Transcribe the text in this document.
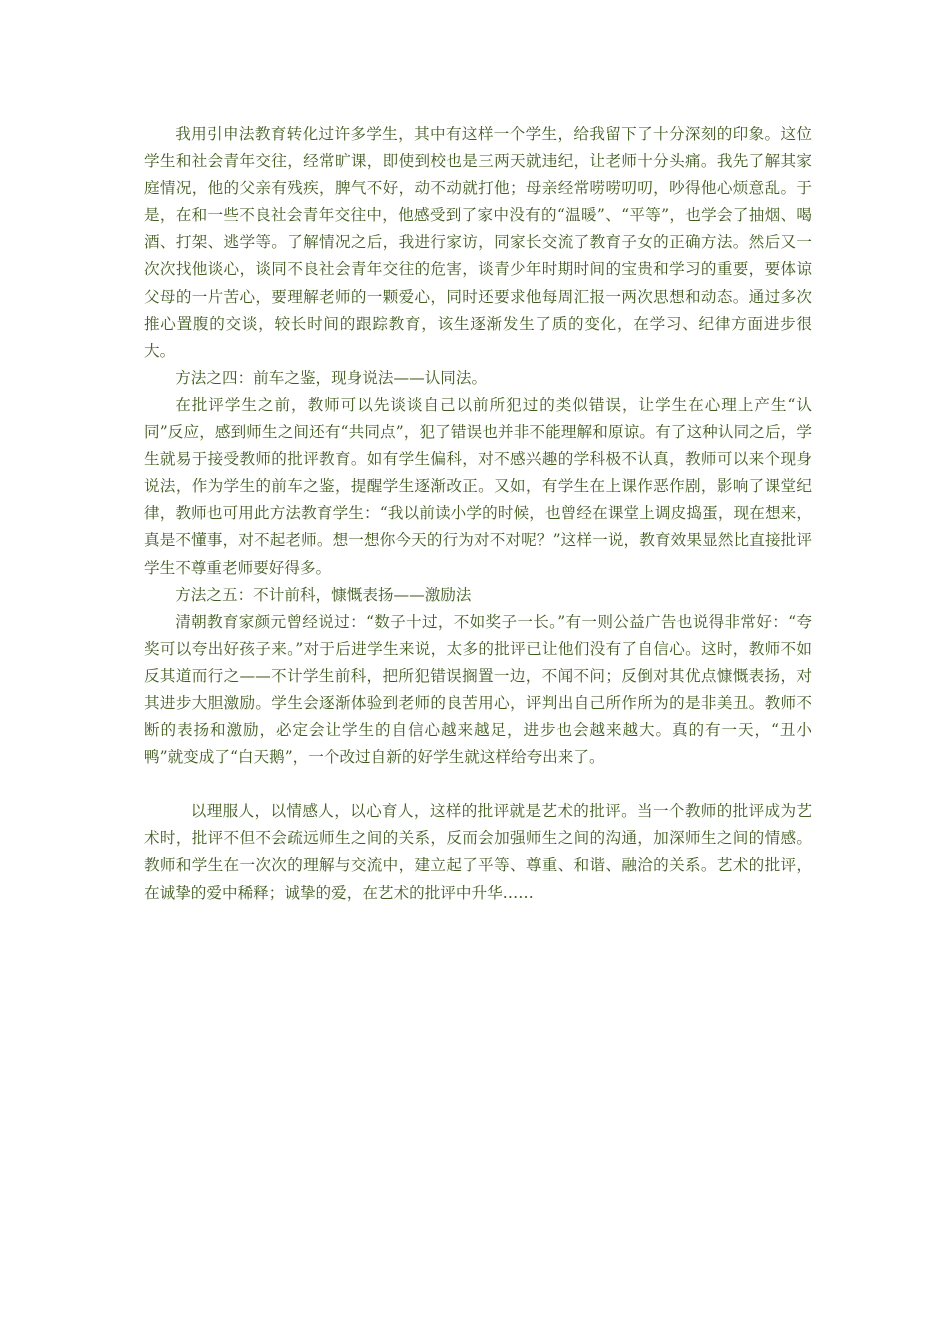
我用引申法教育转化过许多学生，其中有这样一个学生，给我留下了十分深刻的印象。这位学生和社会青年交往，经常旷课，即使到校也是三两天就违纪，让老师十分头痛。我先了解其家庭情况，他的父亲有残疾，脾气不好，动不动就打他；母亲经常唠唠叨叨，吵得他心烦意乱。于是，在和一些不良社会青年交往中，他感受到了家中没有的“温暖”、“平等”，也学会了抽烟、喝酒、打架、逃学等。了解情况之后，我进行家访，同家长交流了教育子女的正确方法。然后又一次次找他谈心，谈同不良社会青年交往的危害，谈青少年时期时间的宝贵和学习的重要，要体谅父母的一片苦心，要理解老师的一颗爱心，同时还要求他每周汇报一两次思想和动态。通过多次推心置腹的交谈，较长时间的跟踪教育，该生逐渐发生了质的变化，在学习、纪律方面进步很大。

方法之四：前车之鉴，现身说法——认同法。

在批评学生之前，教师可以先谈谈自己以前所犯过的类似错误，让学生在心理上产生“认同”反应，感到师生之间还有“共同点”，犯了错误也并非不能理解和原谅。有了这种认同之后，学生就易于接受教师的批评教育。如有学生偏科，对不感兴趣的学科极不认真，教师可以来个现身说法，作为学生的前车之鉴，提醒学生逐渐改正。又如，有学生在上课作恶作剧，影响了课堂纪律，教师也可用此方法教育学生：“我以前读小学的时候，也曾经在课堂上调皮捣蛋，现在想来，真是不懂事，对不起老师。想一想你今天的行为对不对呢？”这样一说，教育效果显然比直接批评学生不尊重老师要好得多。

方法之五：不计前科，慷慨表扬——激励法

清朝教育家颜元曾经说过：“数子十过，不如奖子一长。”有一则公益广告也说得非常好：“夸奖可以夸出好孩子来。”对于后进学生来说，太多的批评已让他们没有了自信心。这时，教师不如反其道而行之——不计学生前科，把所犯错误搁置一边，不闻不问；反倒对其优点慷慨表扬，对其进步大胆激励。学生会逐渐体验到老师的良苦用心，评判出自己所作所为的是非美丑。教师不断的表扬和激励，必定会让学生的自信心越来越足，进步也会越来越大。真的有一天，“丑小鸭”就变成了“白天鹅”，一个改过自新的好学生就这样给夸出来了。

以理服人，以情感人，以心育人，这样的批评就是艺术的批评。当一个教师的批评成为艺术时，批评不但不会疏远师生之间的关系，反而会加强师生之间的沟通，加深师生之间的情感。教师和学生在一次次的理解与交流中，建立起了平等、尊重、和谐、融洽的关系。艺术的批评，在诚挚的爱中稀释；诚挚的爱，在艺术的批评中升华……
